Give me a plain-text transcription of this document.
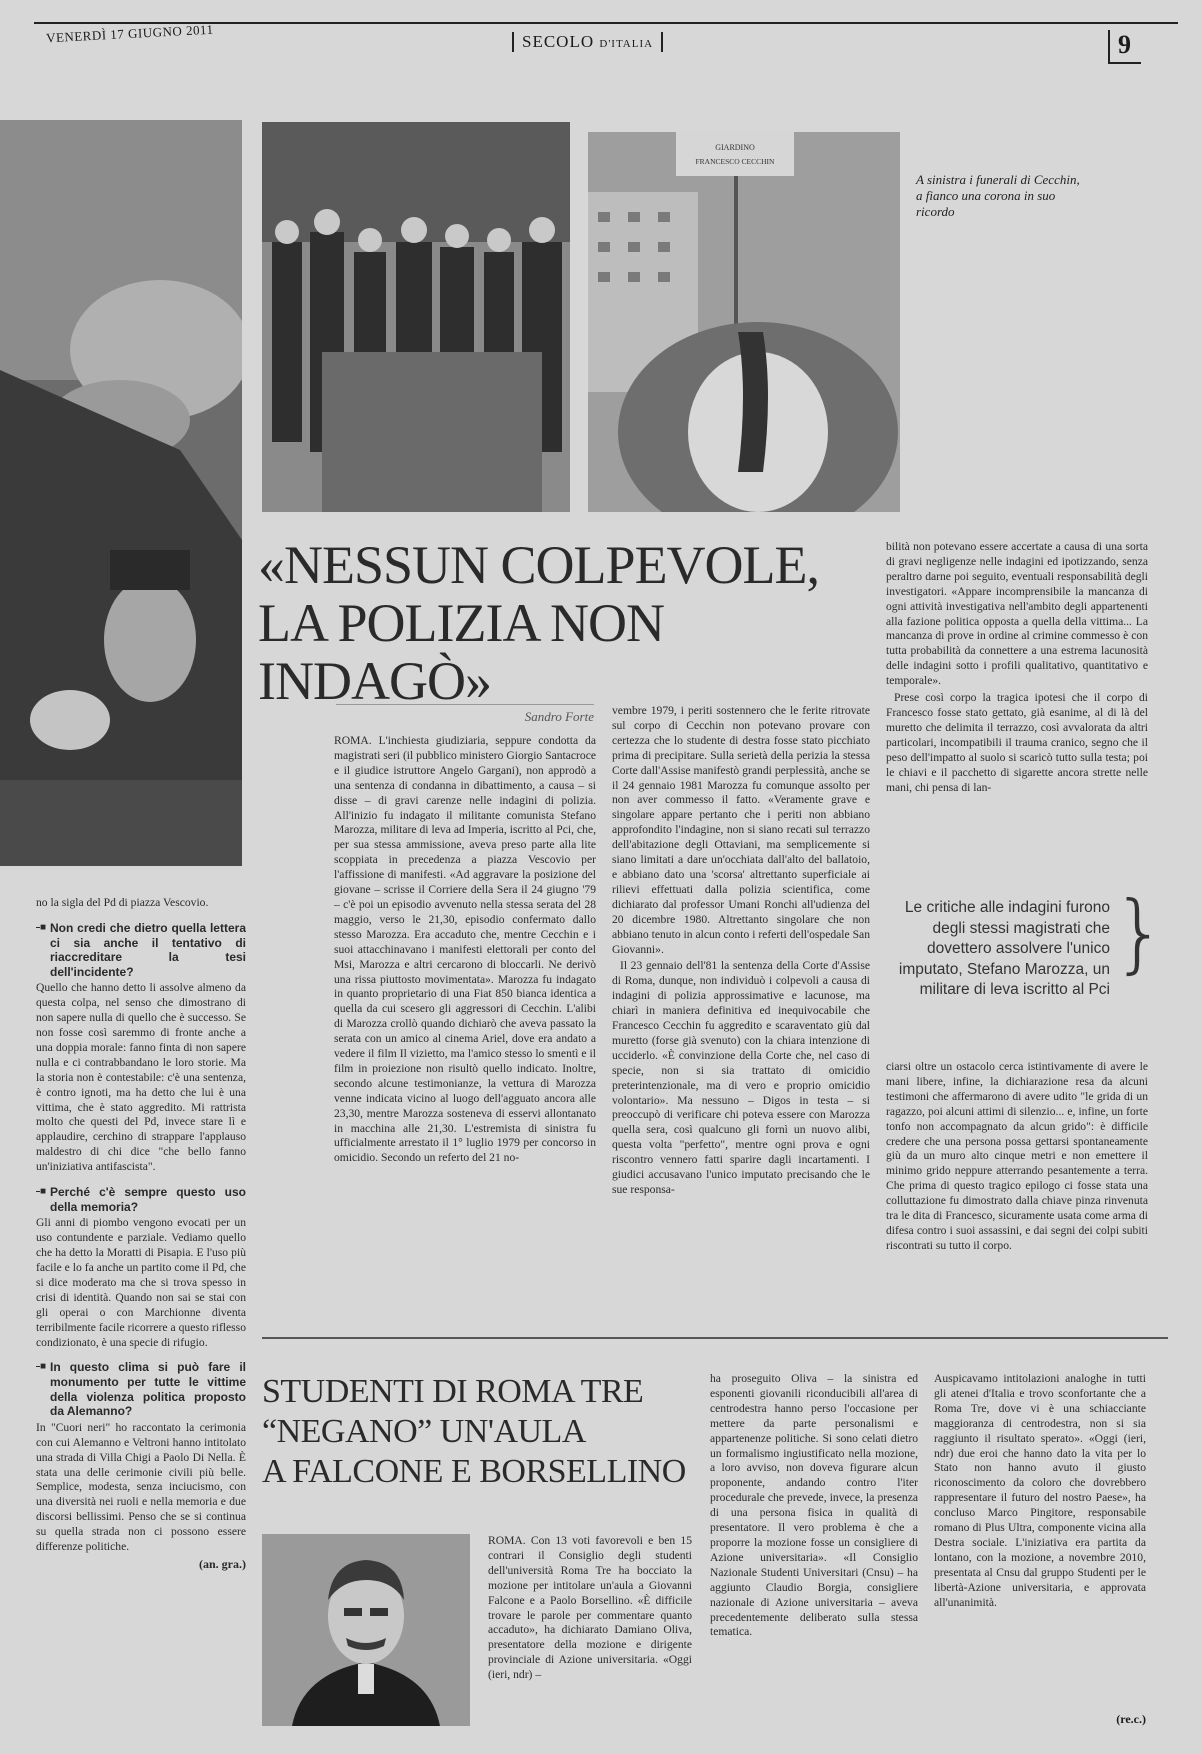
VENERDÌ 17 GIUGNO 2011	SECOLO D'ITALIA	9
GIARDINO
FRANCESCO CECCHIN
A sinistra i funerali di Cecchin, a fianco una corona in suo ricordo
«NESSUN COLPEVOLE,
LA POLIZIA NON INDAGÒ»
Sandro Forte

no la sigla del Pd di piazza Vescovio.

—■ Non credi che dietro quella lettera ci sia anche il tentativo di riaccreditare la tesi dell'incidente?

Quello che hanno detto li assolve almeno da questa colpa, nel senso che dimostrano di non sapere nulla di quello che è successo. Se non fosse così saremmo di fronte anche a una doppia morale: fanno finta di non sapere nulla e ci contrabbandano le loro storie. Ma la storia non è contestabile: c'è una sentenza, è contro ignoti, ma ha detto che lui è una vittima, che è stato aggredito. Mi rattrista molto che questi del Pd, invece stare lì e applaudire, cerchino di strappare l'applauso maldestro di chi dice "che bello fanno un'iniziativa antifascista".

—■ Perché c'è sempre questo uso della memoria?

Gli anni di piombo vengono evocati per un uso contundente e parziale. Vediamo quello che ha detto la Moratti di Pisapia. E l'uso più facile e lo fa anche un partito come il Pd, che si dice moderato ma che si trova spesso in crisi di identità. Quando non sai se stai con gli operai o con Marchionne diventa terribilmente facile ricorrere a questo riflesso condizionato, è una specie di rifugio.

—■ In questo clima si può fare il monumento per tutte le vittime della violenza politica proposto da Alemanno?

In "Cuori neri" ho raccontato la cerimonia con cui Alemanno e Veltroni hanno intitolato una strada di Villa Chigi a Paolo Di Nella. È stata una delle cerimonie civili più belle. Semplice, modesta, senza inciucismo, con una diversità nei ruoli e nella memoria e due discorsi bellissimi. Penso che se si continua su quella strada non ci possono essere differenze politiche.

(an. gra.)

ROMA. L'inchiesta giudiziaria, seppure condotta da magistrati seri (il pubblico ministero Giorgio Santacroce e il giudice istruttore Angelo Gargani), non approdò a una sentenza di condanna in dibattimento, a causa – si disse – di gravi carenze nelle indagini di polizia. All'inizio fu indagato il militante comunista Stefano Marozza, militare di leva ad Imperia, iscritto al Pci, che, per sua stessa ammissione, aveva preso parte alla lite scoppiata in precedenza a piazza Vescovio per l'affissione di manifesti. «Ad aggravare la posizione del giovane – scrisse il Corriere della Sera il 24 giugno '79 – c'è poi un episodio avvenuto nella stessa serata del 28 maggio, verso le 21,30, episodio confermato dallo stesso Marozza. Era accaduto che, mentre Cecchin e i suoi attacchinavano i manifesti elettorali per conto del Msi, Marozza e altri cercarono di bloccarli. Ne derivò una rissa piuttosto movimentata». Marozza fu indagato in quanto proprietario di una Fiat 850 bianca identica a quella da cui scesero gli aggressori di Cecchin. L'alibi di Marozza crollò quando dichiarò che aveva passato la serata con un amico al cinema Ariel, dove era andato a vedere il film Il vizietto, ma l'amico stesso lo smentì e il film in proiezione non risultò quello indicato. Inoltre, secondo alcune testimonianze, la vettura di Marozza venne indicata vicino al luogo dell'agguato ancora alle 23,30, mentre Marozza sosteneva di esservi allontanato in macchina alle 21,30. L'estremista di sinistra fu ufficialmente arrestato il 1° luglio 1979 per concorso in omicidio. Secondo un referto del 21 no-

vembre 1979, i periti sostennero che le ferite ritrovate sul corpo di Cecchin non potevano provare con certezza che lo studente di destra fosse stato picchiato prima di precipitare. Sulla serietà della perizia la stessa Corte dall'Assise manifestò grandi perplessità, anche se il 24 gennaio 1981 Marozza fu comunque assolto per non aver commesso il fatto. «Veramente grave e singolare appare pertanto che i periti non abbiano approfondito l'indagine, non si siano recati sul terrazzo dell'abitazione degli Ottaviani, ma semplicemente si siano limitati a dare un'occhiata dall'alto del ballatoio, e abbiano dato una 'scorsa' altrettanto superficiale ai rilievi effettuati dalla polizia scientifica, come dichiarato dal professor Umani Ronchi all'udienza del 20 dicembre 1980. Altrettanto singolare che non abbiano tenuto in alcun conto i referti dell'ospedale San Giovanni».

Il 23 gennaio dell'81 la sentenza della Corte d'Assise di Roma, dunque, non individuò i colpevoli a causa di indagini di polizia approssimative e lacunose, ma chiarì in maniera definitiva ed inequivocabile che Francesco Cecchin fu aggredito e scaraventato giù dal muretto (forse già svenuto) con la chiara intenzione di ucciderlo. «È convinzione della Corte che, nel caso di specie, non si sia trattato di omicidio preterintenzionale, ma di vero e proprio omicidio volontario». Ma nessuno – Digos in testa – si preoccupò di verificare chi poteva essere con Marozza quella sera, così qualcuno gli fornì un nuovo alibi, questa volta "perfetto", mentre ogni prova e ogni riscontro vennero fatti sparire dagli incartamenti. I giudici accusavano l'unico imputato precisando che le sue responsa-

bilità non potevano essere accertate a causa di una sorta di gravi negligenze nelle indagini ed ipotizzando, senza peraltro darne poi seguito, eventuali responsabilità degli investigatori. «Appare incomprensibile la mancanza di ogni attività investigativa nell'ambito degli appartenenti alla fazione politica opposta a quella della vittima... La mancanza di prove in ordine al crimine commesso è con tutta probabilità da connettere a una estrema lacunosità delle indagini sotto i profili qualitativo, quantitativo e temporale».

Prese così corpo la tragica ipotesi che il corpo di Francesco fosse stato gettato, già esanime, al di là del muretto che delimita il terrazzo, così avvalorata da altri particolari, incompatibili il trauma cranico, segno che il peso dell'impatto al suolo si scaricò tutto sulla testa; poi le chiavi e il pacchetto di sigarette ancora strette nelle mani, chi pensa di lan-

Le critiche alle indagini furono degli stessi magistrati che dovettero assolvere l'unico imputato, Stefano Marozza, un militare di leva iscritto al Pci
}

ciarsi oltre un ostacolo cerca istintivamente di avere le mani libere, infine, la dichiarazione resa da alcuni testimoni che affermarono di avere udito "le grida di un ragazzo, poi alcuni attimi di silenzio... e, infine, un forte tonfo non accompagnato da alcun grido": è difficile credere che una persona possa gettarsi spontaneamente giù da un muro alto cinque metri e non emettere il minimo grido neppure atterrando pesantemente a terra. Che prima di questo tragico epilogo ci fosse stata una colluttazione fu dimostrato dalla chiave pinza rinvenuta tra le dita di Francesco, sicuramente usata come arma di difesa contro i suoi assassini, e dai segni dei colpi subiti riscontrati su tutto il corpo.

STUDENTI DI ROMA TRE
“NEGANO” UN'AULA
A FALCONE E BORSELLINO

ROMA. Con 13 voti favorevoli e ben 15 contrari il Consiglio degli studenti dell'università Roma Tre ha bocciato la mozione per intitolare un'aula a Giovanni Falcone e a Paolo Borsellino. «È difficile trovare le parole per commentare quanto accaduto», ha dichiarato Damiano Oliva, presentatore della mozione e dirigente provinciale di Azione universitaria. «Oggi (ieri, ndr) –

ha proseguito Oliva – la sinistra ed esponenti giovanili riconducibili all'area di centrodestra hanno perso l'occasione per mettere da parte personalismi e appartenenze politiche. Si sono celati dietro un formalismo ingiustificato nella mozione, a loro avviso, non doveva figurare alcun proponente, andando contro l'iter procedurale che prevede, invece, la presenza di una persona fisica in qualità di presentatore. Il vero problema è che a proporre la mozione fosse un consigliere di Azione universitaria». «Il Consiglio Nazionale Studenti Universitari (Cnsu) – ha aggiunto Claudio Borgia, consigliere nazionale di Azione universitaria – aveva precedentemente deliberato sulla stessa tematica.

Auspicavamo intitolazioni analoghe in tutti gli atenei d'Italia e trovo sconfortante che a Roma Tre, dove vi è una schiacciante maggioranza di centrodestra, non si sia raggiunto il risultato sperato». «Oggi (ieri, ndr) due eroi che hanno dato la vita per lo Stato non hanno avuto il giusto riconoscimento da coloro che dovrebbero rappresentare il futuro del nostro Paese», ha concluso Marco Pingitore, responsabile romano di Plus Ultra, componente vicina alla Destra sociale. L'iniziativa era partita da lontano, con la mozione, a novembre 2010, presentata al Cnsu dal gruppo Studenti per le libertà-Azione universitaria, e approvata all'unanimità.

(re.c.)
